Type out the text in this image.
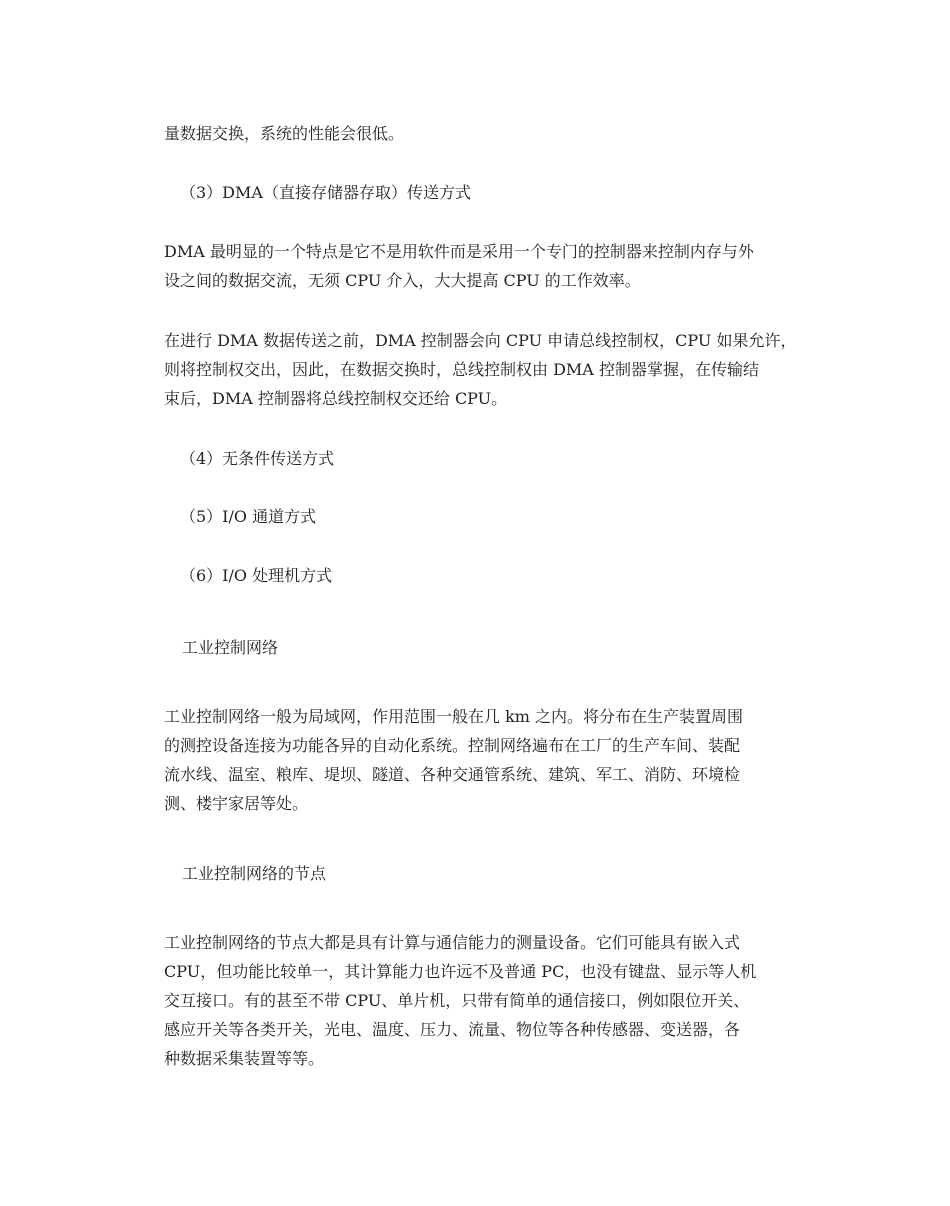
量数据交换，系统的性能会很低。

（3）DMA（直接存储器存取）传送方式

DMA 最明显的一个特点是它不是用软件而是采用一个专门的控制器来控制内存与外
设之间的数据交流，无须 CPU 介入，大大提高 CPU 的工作效率。

在进行 DMA 数据传送之前，DMA 控制器会向 CPU 申请总线控制权，CPU 如果允许，
则将控制权交出，因此，在数据交换时，总线控制权由 DMA 控制器掌握，在传输结
束后，DMA 控制器将总线控制权交还给 CPU。

（4）无条件传送方式

（5）I/O 通道方式

（6）I/O 处理机方式

工业控制网络

工业控制网络一般为局域网，作用范围一般在几 km 之内。将分布在生产装置周围
的测控设备连接为功能各异的自动化系统。控制网络遍布在工厂的生产车间、装配
流水线、温室、粮库、堤坝、隧道、各种交通管系统、建筑、军工、消防、环境检
测、楼宇家居等处。

工业控制网络的节点

工业控制网络的节点大都是具有计算与通信能力的测量设备。它们可能具有嵌入式
CPU，但功能比较单一，其计算能力也许远不及普通 PC，也没有键盘、显示等人机
交互接口。有的甚至不带 CPU、单片机，只带有简单的通信接口，例如限位开关、
感应开关等各类开关，光电、温度、压力、流量、物位等各种传感器、变送器，各
种数据采集装置等等。
